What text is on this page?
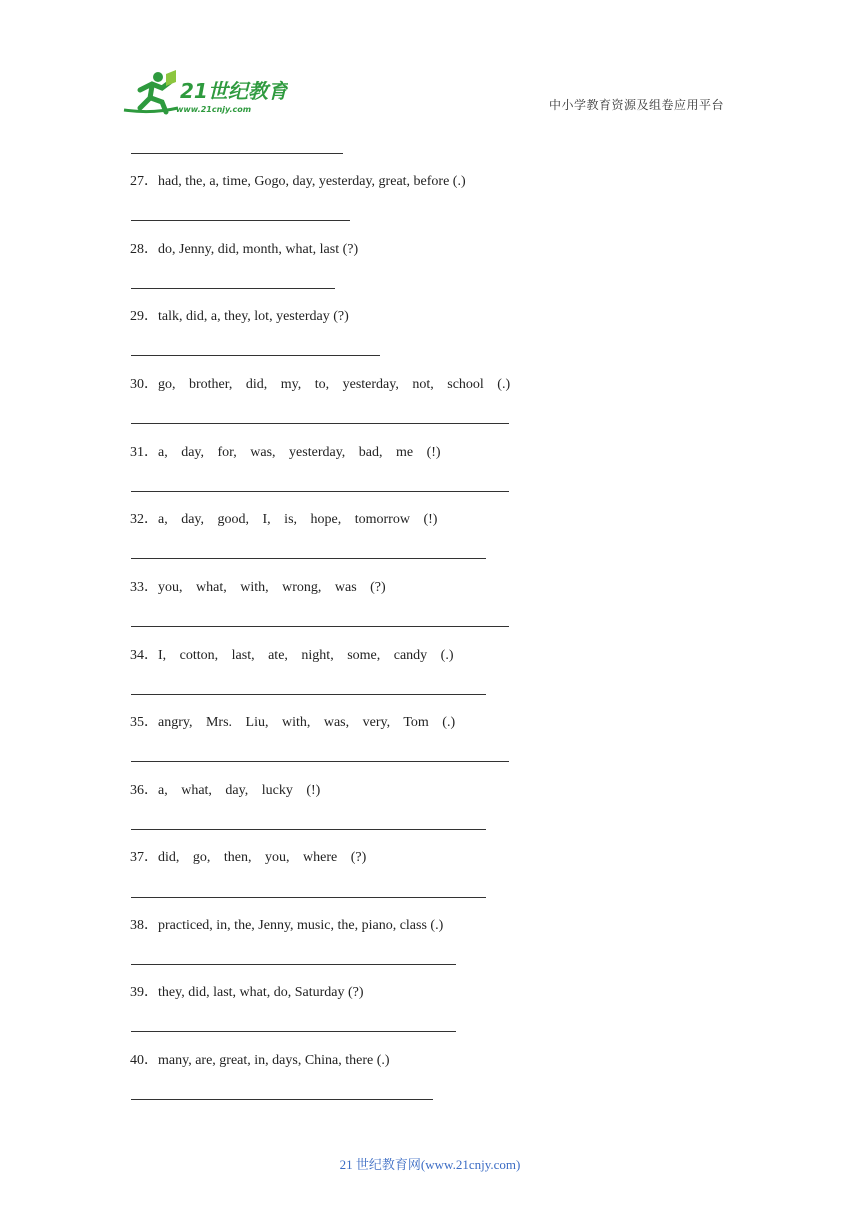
21世纪教育
www.21cnjy.com	中小学教育资源及组卷应用平台
27．had, the, a, time, Gogo, day, yesterday, great, before (.)
28．do, Jenny, did, month, what, last (?)
29．talk, did, a, they, lot, yesterday (?)
30．go, brother, did, my, to, yesterday, not, school (.)
31．a, day, for, was, yesterday, bad, me (!)
32．a, day, good, I, is, hope, tomorrow (!)
33．you, what, with, wrong, was (?)
34．I, cotton, last, ate, night, some, candy (.)
35．angry, Mrs. Liu, with, was, very, Tom (.)
36．a, what, day, lucky (!)
37．did, go, then, you, where (?)
38．practiced, in, the, Jenny, music, the, piano, class (.)
39．they, did, last, what, do, Saturday (?)
40．many, are, great, in, days, China, there (.)
21 世纪教育网(www.21cnjy.com)
